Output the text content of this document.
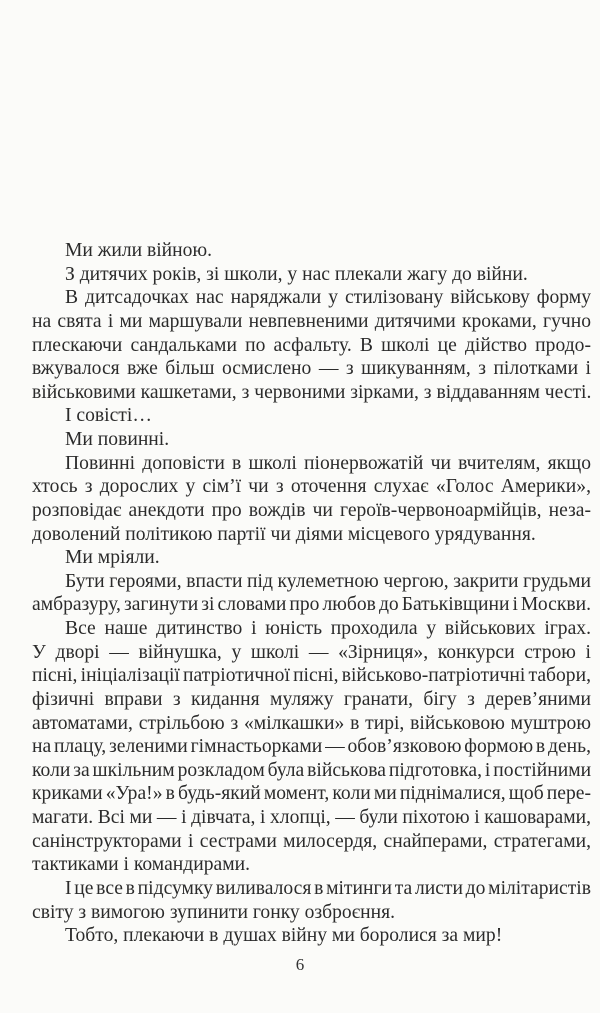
Ми жили війною.
З дитячих років, зі школи, у нас плекали жагу до війни.
В дитсадочках нас наряджали у стилізовану військову форму
на свята і ми маршували невпевненими дитячими кроками, гучно
плескаючи сандальками по асфальту. В школі це дійство продо-
вжувалося вже більш осмислено — з шикуванням, з пілотками і
військовими кашкетами, з червоними зірками, з віддаванням честі.
І совісті…
Ми повинні.
Повинні доповісти в школі піонервожатій чи вчителям, якщо
хтось з дорослих у сім’ї чи з оточення слухає «Голос Америки»,
розповідає анекдоти про вождів чи героїв-червоноармійців, неза-
доволений політикою партії чи діями місцевого урядування.
Ми мріяли.
Бути героями, впасти під кулеметною чергою, закрити грудьми
амбразуру, загинути зі словами про любов до Батьківщини і Москви.
Все наше дитинство і юність проходила у військових іграх.
У дворі — війнушка, у школі — «Зірниця», конкурси строю і
пісні, ініціалізації патріотичної пісні, військово-патріотичні табори,
фізичні вправи з кидання муляжу гранати, бігу з дерев’яними
автоматами, стрільбою з «мілкашки» в тирі, військовою муштрою
на плацу, зеленими гімнастьорками — обов’язковою формою в день,
коли за шкільним розкладом була військова підготовка, і постійними
криками «Ура!» в будь-який момент, коли ми піднімалися, щоб пере-
магати. Всі ми — і дівчата, і хлопці, — були піхотою і кашоварами,
санінструкторами і сестрами милосердя, снайперами, стратегами,
тактиками і командирами.
І це все в підсумку виливалося в мітинги та листи до мілітаристів
світу з вимогою зупинити гонку озброєння.
Тобто, плекаючи в душах війну ми боролися за мир!
6
